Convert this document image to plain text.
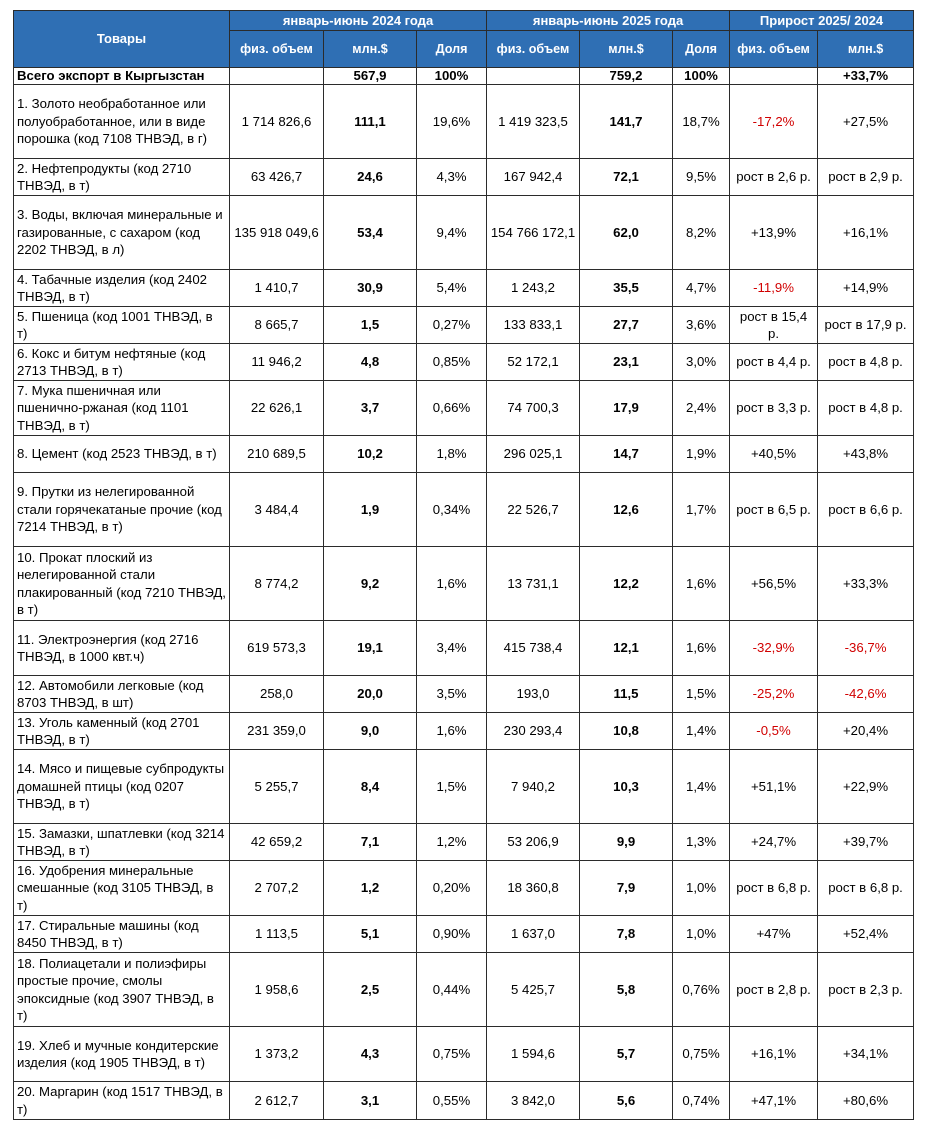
Товары	январь-июнь 2024 года			январь-июнь 2025 года			Прирост 2025/ 2024	
	физ. объем	млн.$	Доля	физ. объем	млн.$	Доля	физ. объем	млн.$
Всего экспорт в Кыргызстан		567,9	100%		759,2	100%		+33,7%
1. Золото необработанное или полуобработанное, или в виде порошка (код 7108 ТНВЭД, в г)	1 714 826,6	111,1	19,6%	1 419 323,5	141,7	18,7%	-17,2%	+27,5%
2. Нефтепродукты (код 2710 ТНВЭД, в т)	63 426,7	24,6	4,3%	167 942,4	72,1	9,5%	рост в 2,6 р.	рост в 2,9 р.
3. Воды, включая минеральные и газированные, с сахаром (код 2202 ТНВЭД, в л)	135 918 049,6	53,4	9,4%	154 766 172,1	62,0	8,2%	+13,9%	+16,1%
4. Табачные изделия (код 2402 ТНВЭД, в т)	1 410,7	30,9	5,4%	1 243,2	35,5	4,7%	-11,9%	+14,9%
5. Пшеница (код 1001 ТНВЭД, в т)	8 665,7	1,5	0,27%	133 833,1	27,7	3,6%	рост в 15,4 р.	рост в 17,9 р.
6. Кокс и битум нефтяные (код 2713 ТНВЭД, в т)	11 946,2	4,8	0,85%	52 172,1	23,1	3,0%	рост в 4,4 р.	рост в 4,8 р.
7. Мука пшеничная или пшенично-ржаная (код 1101 ТНВЭД, в т)	22 626,1	3,7	0,66%	74 700,3	17,9	2,4%	рост в 3,3 р.	рост в 4,8 р.
8. Цемент (код 2523 ТНВЭД, в т)	210 689,5	10,2	1,8%	296 025,1	14,7	1,9%	+40,5%	+43,8%
9. Прутки из нелегированной стали горячекатаные прочие (код 7214 ТНВЭД, в т)	3 484,4	1,9	0,34%	22 526,7	12,6	1,7%	рост в 6,5 р.	рост в 6,6 р.
10. Прокат плоский из нелегированной стали плакированный (код 7210 ТНВЭД, в т)	8 774,2	9,2	1,6%	13 731,1	12,2	1,6%	+56,5%	+33,3%
11. Электроэнергия (код 2716 ТНВЭД, в 1000 квт.ч)	619 573,3	19,1	3,4%	415 738,4	12,1	1,6%	-32,9%	-36,7%
12. Автомобили легковые (код 8703 ТНВЭД, в шт)	258,0	20,0	3,5%	193,0	11,5	1,5%	-25,2%	-42,6%
13. Уголь каменный (код 2701 ТНВЭД, в т)	231 359,0	9,0	1,6%	230 293,4	10,8	1,4%	-0,5%	+20,4%
14. Мясо и пищевые субпродукты домашней птицы (код 0207 ТНВЭД, в т)	5 255,7	8,4	1,5%	7 940,2	10,3	1,4%	+51,1%	+22,9%
15. Замазки, шпатлевки (код 3214 ТНВЭД, в т)	42 659,2	7,1	1,2%	53 206,9	9,9	1,3%	+24,7%	+39,7%
16. Удобрения минеральные смешанные (код 3105 ТНВЭД, в т)	2 707,2	1,2	0,20%	18 360,8	7,9	1,0%	рост в 6,8 р.	рост в 6,8 р.
17. Стиральные машины (код 8450 ТНВЭД, в т)	1 113,5	5,1	0,90%	1 637,0	7,8	1,0%	+47%	+52,4%
18. Полиацетали и полиэфиры простые прочие, смолы эпоксидные (код 3907 ТНВЭД, в т)	1 958,6	2,5	0,44%	5 425,7	5,8	0,76%	рост в 2,8 р.	рост в 2,3 р.
19. Хлеб и мучные кондитерские изделия (код 1905 ТНВЭД, в т)	1 373,2	4,3	0,75%	1 594,6	5,7	0,75%	+16,1%	+34,1%
20. Маргарин (код 1517 ТНВЭД, в т)	2 612,7	3,1	0,55%	3 842,0	5,6	0,74%	+47,1%	+80,6%
